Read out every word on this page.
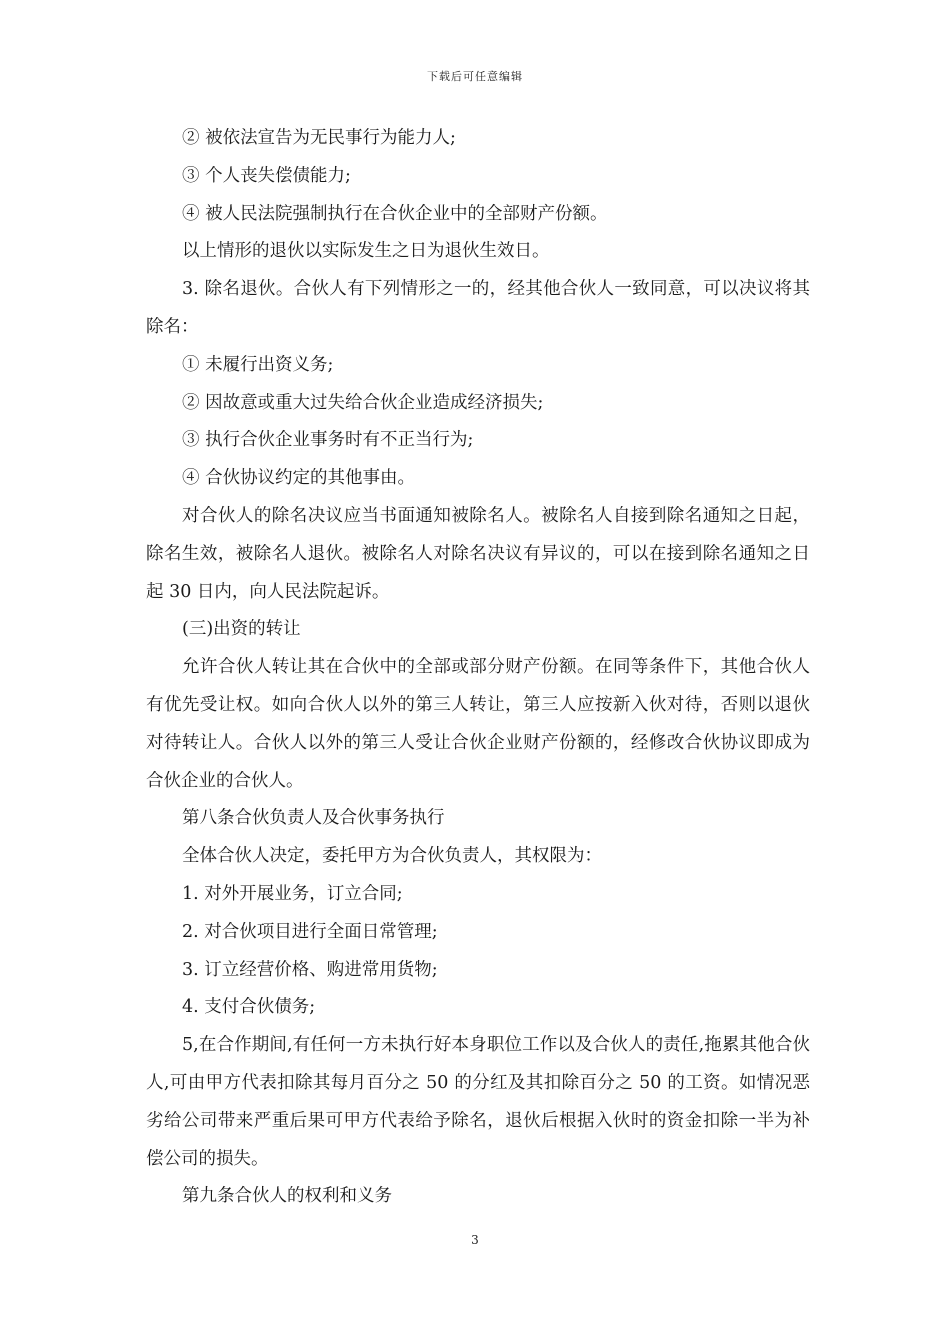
下载后可任意编辑

② 被依法宣告为无民事行为能力人;

③ 个人丧失偿债能力;

④ 被人民法院强制执行在合伙企业中的全部财产份额。

以上情形的退伙以实际发生之日为退伙生效日。

3. 除名退伙。合伙人有下列情形之一的，经其他合伙人一致同意，可以决议将其除名：

① 未履行出资义务;

② 因故意或重大过失给合伙企业造成经济损失;

③ 执行合伙企业事务时有不正当行为;

④ 合伙协议约定的其他事由。

对合伙人的除名决议应当书面通知被除名人。被除名人自接到除名通知之日起，除名生效，被除名人退伙。被除名人对除名决议有异议的，可以在接到除名通知之日起 30 日内，向人民法院起诉。

(三)出资的转让

允许合伙人转让其在合伙中的全部或部分财产份额。在同等条件下，其他合伙人有优先受让权。如向合伙人以外的第三人转让，第三人应按新入伙对待，否则以退伙对待转让人。合伙人以外的第三人受让合伙企业财产份额的，经修改合伙协议即成为合伙企业的合伙人。

第八条合伙负责人及合伙事务执行

全体合伙人决定，委托甲方为合伙负责人，其权限为：

1. 对外开展业务，订立合同;

2. 对合伙项目进行全面日常管理;

3. 订立经营价格、购进常用货物;

4. 支付合伙债务;

5,在合作期间,有任何一方未执行好本身职位工作以及合伙人的责任,拖累其他合伙人,可由甲方代表扣除其每月百分之 50 的分红及其扣除百分之 50 的工资。如情况恶劣给公司带来严重后果可甲方代表给予除名，退伙后根据入伙时的资金扣除一半为补偿公司的损失。

第九条合伙人的权利和义务

3
